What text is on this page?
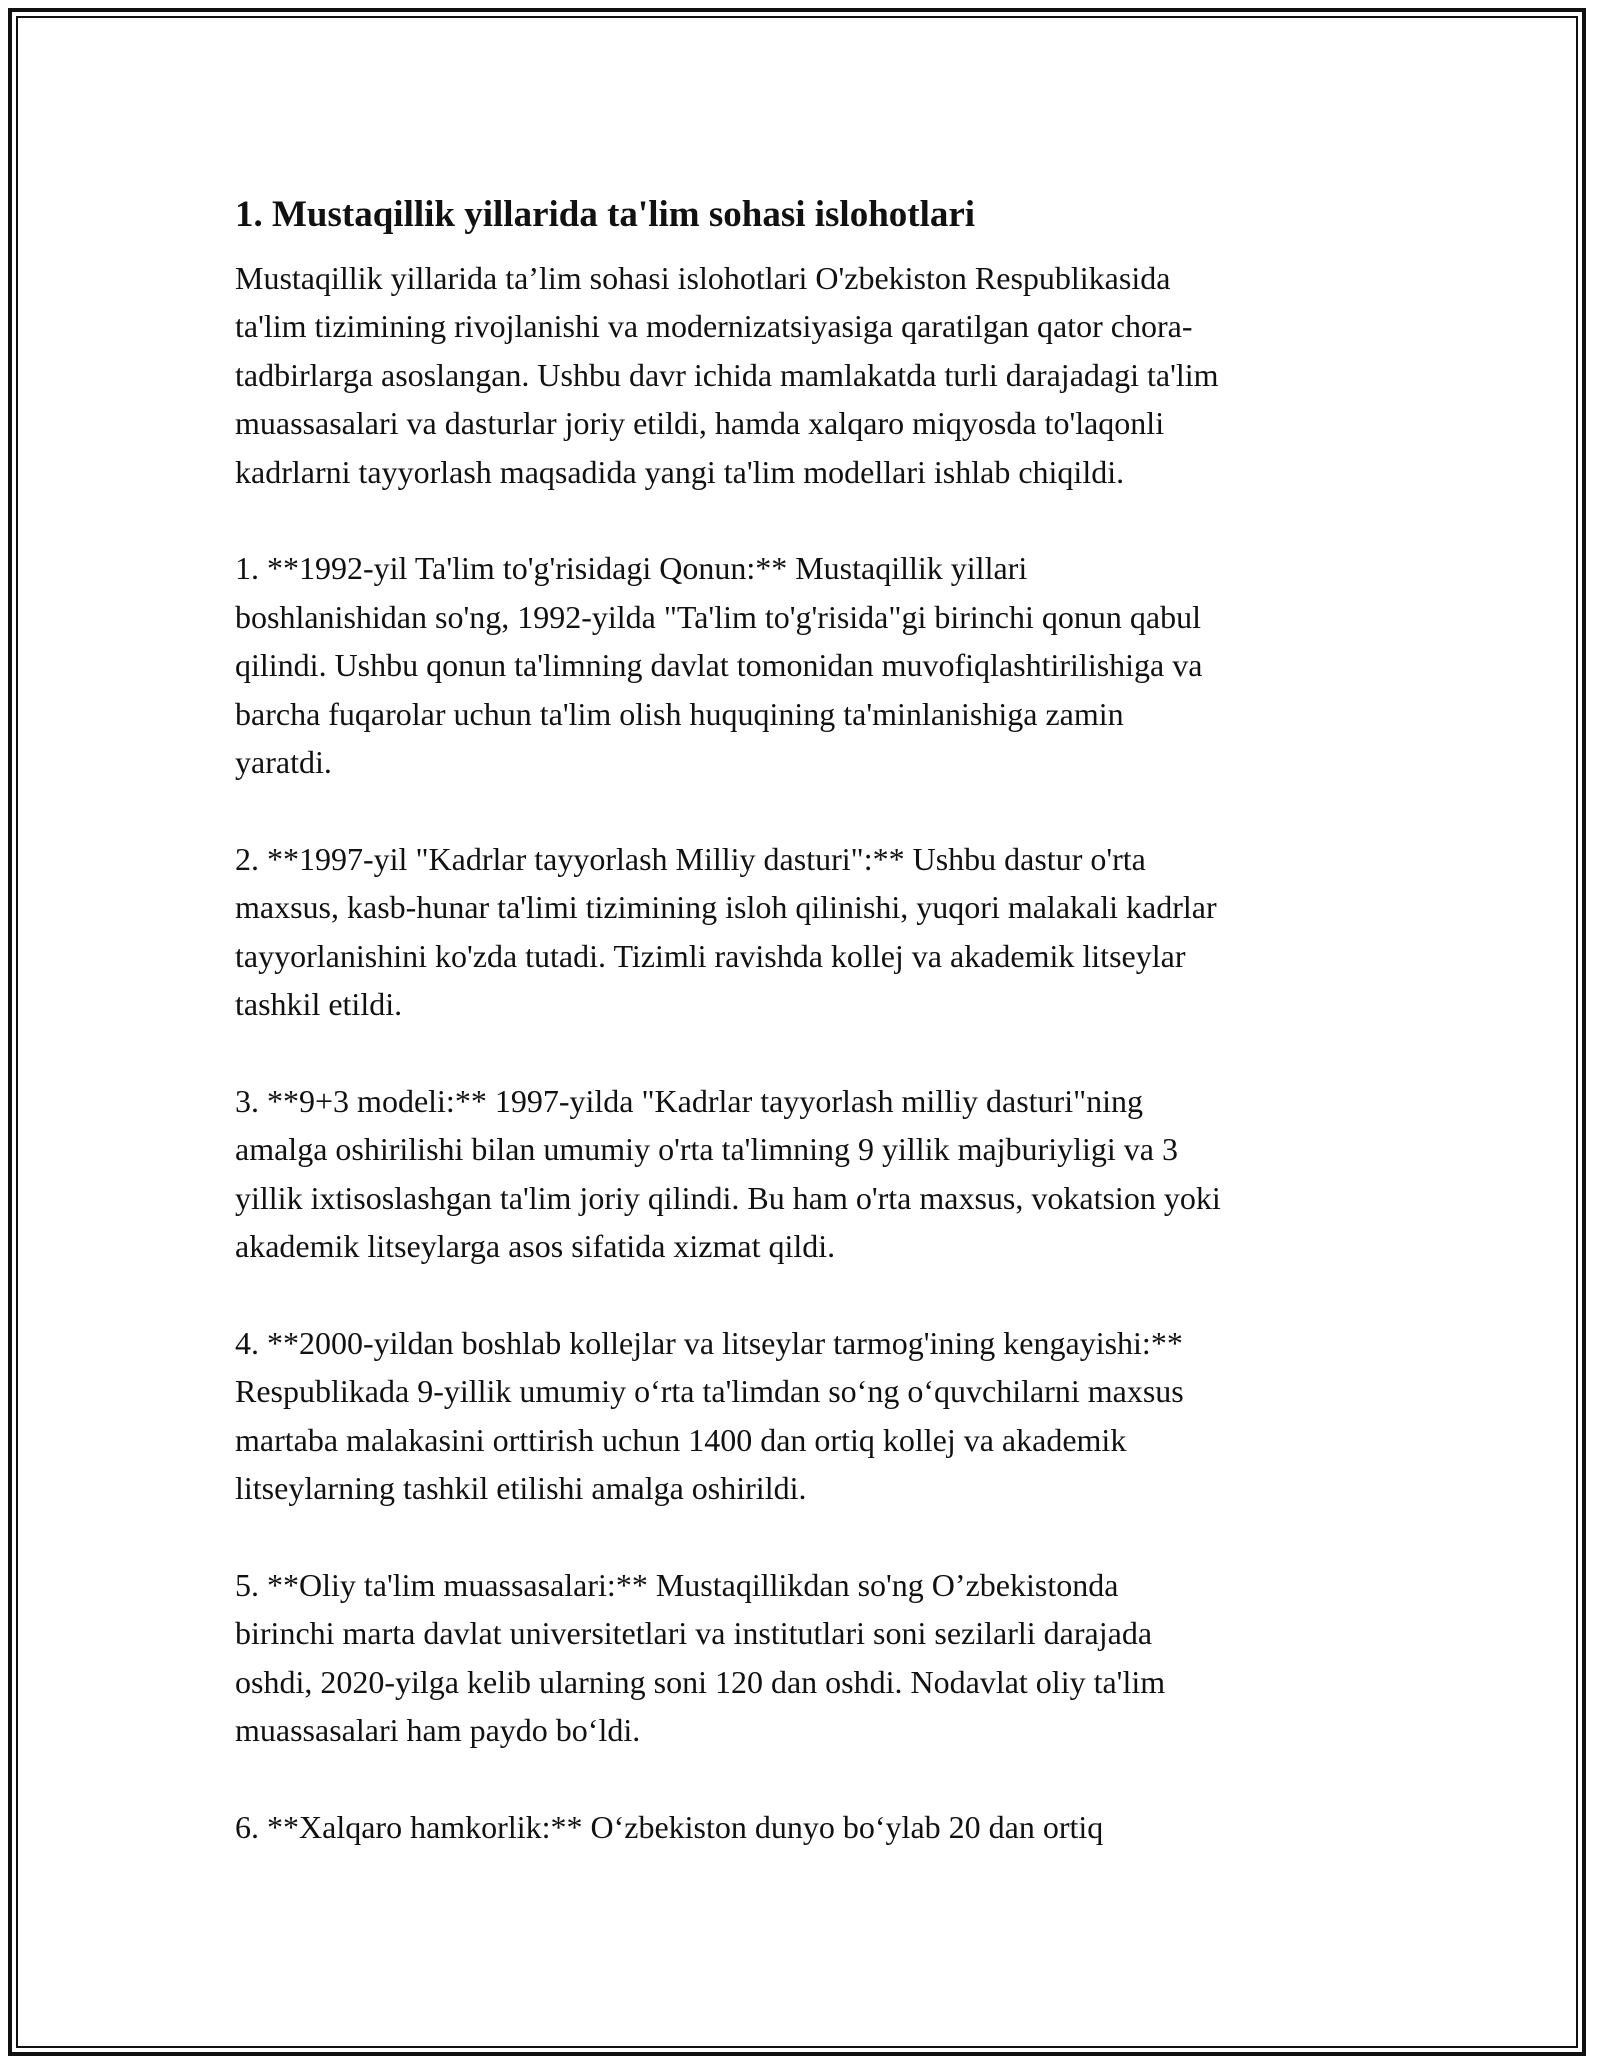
1. Mustaqillik yillarida ta'lim sohasi islohotlari
Mustaqillik yillarida ta’lim sohasi islohotlari O'zbekiston Respublikasida
ta'lim tizimining rivojlanishi va modernizatsiyasiga qaratilgan qator chora-
tadbirlarga asoslangan. Ushbu davr ichida mamlakatda turli darajadagi ta'lim
muassasalari va dasturlar joriy etildi, hamda xalqaro miqyosda to'laqonli
kadrlarni tayyorlash maqsadida yangi ta'lim modellari ishlab chiqildi.
1. **1992-yil Ta'lim to'g'risidagi Qonun:** Mustaqillik yillari
boshlanishidan so'ng, 1992-yilda "Ta'lim to'g'risida"gi birinchi qonun qabul
qilindi. Ushbu qonun ta'limning davlat tomonidan muvofiqlashtirilishiga va
barcha fuqarolar uchun ta'lim olish huquqining ta'minlanishiga zamin
yaratdi.
2. **1997-yil "Kadrlar tayyorlash Milliy dasturi":** Ushbu dastur o'rta
maxsus, kasb-hunar ta'limi tizimining isloh qilinishi, yuqori malakali kadrlar
tayyorlanishini ko'zda tutadi. Tizimli ravishda kollej va akademik litseylar
tashkil etildi.
3. **9+3 modeli:** 1997-yilda "Kadrlar tayyorlash milliy dasturi"ning
amalga oshirilishi bilan umumiy o'rta ta'limning 9 yillik majburiyligi va 3
yillik ixtisoslashgan ta'lim joriy qilindi. Bu ham o'rta maxsus, vokatsion yoki
akademik litseylarga asos sifatida xizmat qildi.
4. **2000-yildan boshlab kollejlar va litseylar tarmog'ining kengayishi:**
Respublikada 9-yillik umumiy o‘rta ta'limdan so‘ng o‘quvchilarni maxsus
martaba malakasini orttirish uchun 1400 dan ortiq kollej va akademik
litseylarning tashkil etilishi amalga oshirildi.
5. **Oliy ta'lim muassasalari:** Mustaqillikdan so'ng O’zbekistonda
birinchi marta davlat universitetlari va institutlari soni sezilarli darajada
oshdi, 2020-yilga kelib ularning soni 120 dan oshdi. Nodavlat oliy ta'lim
muassasalari ham paydo bo‘ldi.
6. **Xalqaro hamkorlik:** O‘zbekiston dunyo bo‘ylab 20 dan ortiq
